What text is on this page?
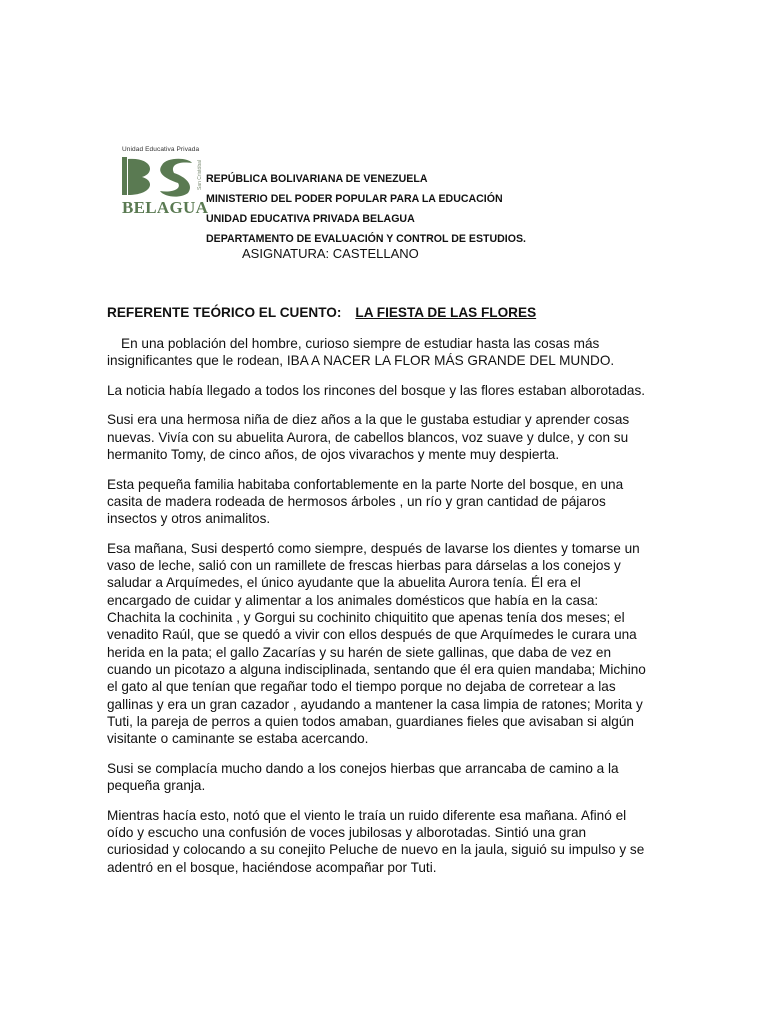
Unidad Educativa Privada
BELAGUA
San Cristóbal REPÚBLICA BOLIVARIANA DE VENEZUELA
MINISTERIO DEL PODER POPULAR PARA LA EDUCACIÓN
UNIDAD EDUCATIVA PRIVADA BELAGUA
DEPARTAMENTO DE EVALUACIÓN Y CONTROL DE ESTUDIOS.
ASIGNATURA: CASTELLANO
REFERENTE TEÓRICO EL CUENTO: LA FIESTA DE LAS FLORES

En una población del hombre, curioso siempre de estudiar hasta las cosas más insignificantes que le rodean, IBA A NACER LA FLOR MÁS GRANDE DEL MUNDO.

La noticia había llegado a todos los rincones del bosque y las flores estaban alborotadas.

Susi era una hermosa niña de diez años a la que le gustaba estudiar y aprender cosas nuevas. Vivía con su abuelita Aurora, de cabellos blancos, voz suave y dulce, y con su hermanito Tomy, de cinco años, de ojos vivarachos y mente muy despierta.

Esta pequeña familia habitaba confortablemente en la parte Norte del bosque, en una casita de madera rodeada de hermosos árboles , un río y gran cantidad de pájaros insectos y otros animalitos.

Esa mañana, Susi despertó como siempre, después de lavarse los dientes y tomarse un vaso de leche, salió con un ramillete de frescas hierbas para dárselas a los conejos y saludar a Arquímedes, el único ayudante que la abuelita Aurora tenía. Él era el encargado de cuidar y alimentar a los animales domésticos que había en la casa: Chachita la cochinita , y Gorgui su cochinito chiquitito que apenas tenía dos meses; el venadito Raúl, que se quedó a vivir con ellos después de que Arquímedes le curara una herida en la pata; el gallo Zacarías y su harén de siete gallinas, que daba de vez en cuando un picotazo a alguna indisciplinada, sentando que él era quien mandaba; Michino el gato al que tenían que regañar todo el tiempo porque no dejaba de corretear a las gallinas y era un gran cazador , ayudando a mantener la casa limpia de ratones; Morita y Tuti, la pareja de perros a quien todos amaban, guardianes fieles que avisaban si algún visitante o caminante se estaba acercando.

Susi se complacía mucho dando a los conejos hierbas que arrancaba de camino a la pequeña granja.

Mientras hacía esto, notó que el viento le traía un ruido diferente esa mañana. Afinó el oído y escucho una confusión de voces jubilosas y alborotadas. Sintió una gran curiosidad y colocando a su conejito Peluche de nuevo en la jaula, siguió su impulso y se adentró en el bosque, haciéndose acompañar por Tuti.
